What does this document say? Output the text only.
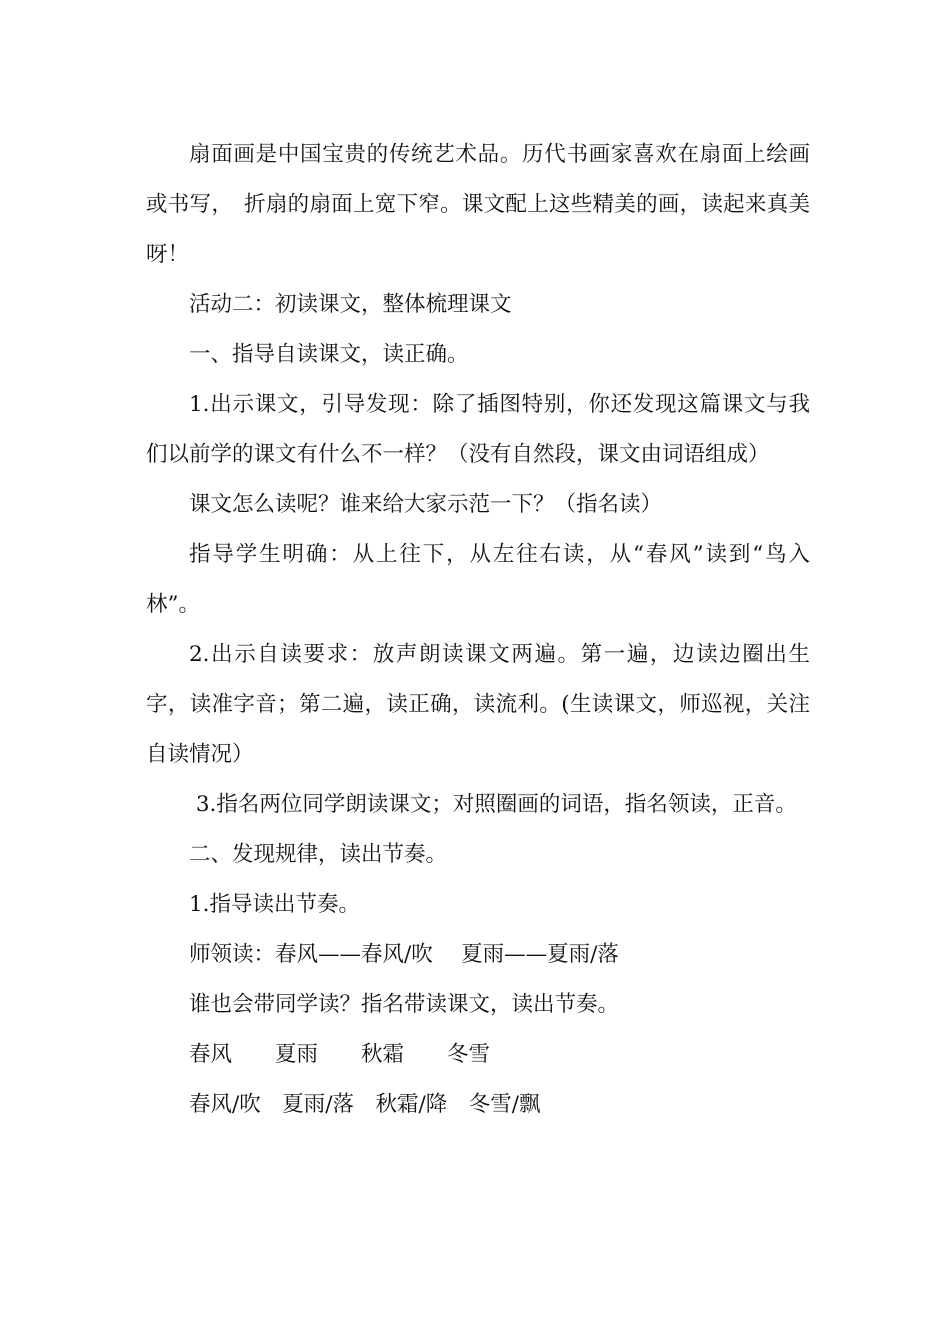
扇面画是中国宝贵的传统艺术品。历代书画家喜欢在扇面上绘画或书写，　折扇的扇面上宽下窄。课文配上这些精美的画，读起来真美呀！

活动二：初读课文，整体梳理课文

一、指导自读课文，读正确。

1.出示课文，引导发现：除了插图特别，你还发现这篇课文与我们以前学的课文有什么不一样？（没有自然段，课文由词语组成）

课文怎么读呢？谁来给大家示范一下？（指名读）

指导学生明确：从上往下，从左往右读，从“春风”读到“鸟入林”。

2.出示自读要求：放声朗读课文两遍。第一遍，边读边圈出生字，读准字音；第二遍，读正确，读流利。(生读课文，师巡视，关注自读情况）

3.指名两位同学朗读课文；对照圈画的词语，指名领读，正音。

二、发现规律，读出节奏。

1.指导读出节奏。

师领读：春风——春风/吹　 夏雨——夏雨/落

谁也会带同学读？指名带读课文，读出节奏。

春风　　夏雨　　秋霜　　冬雪

春风/吹　夏雨/落　秋霜/降　冬雪/飘
